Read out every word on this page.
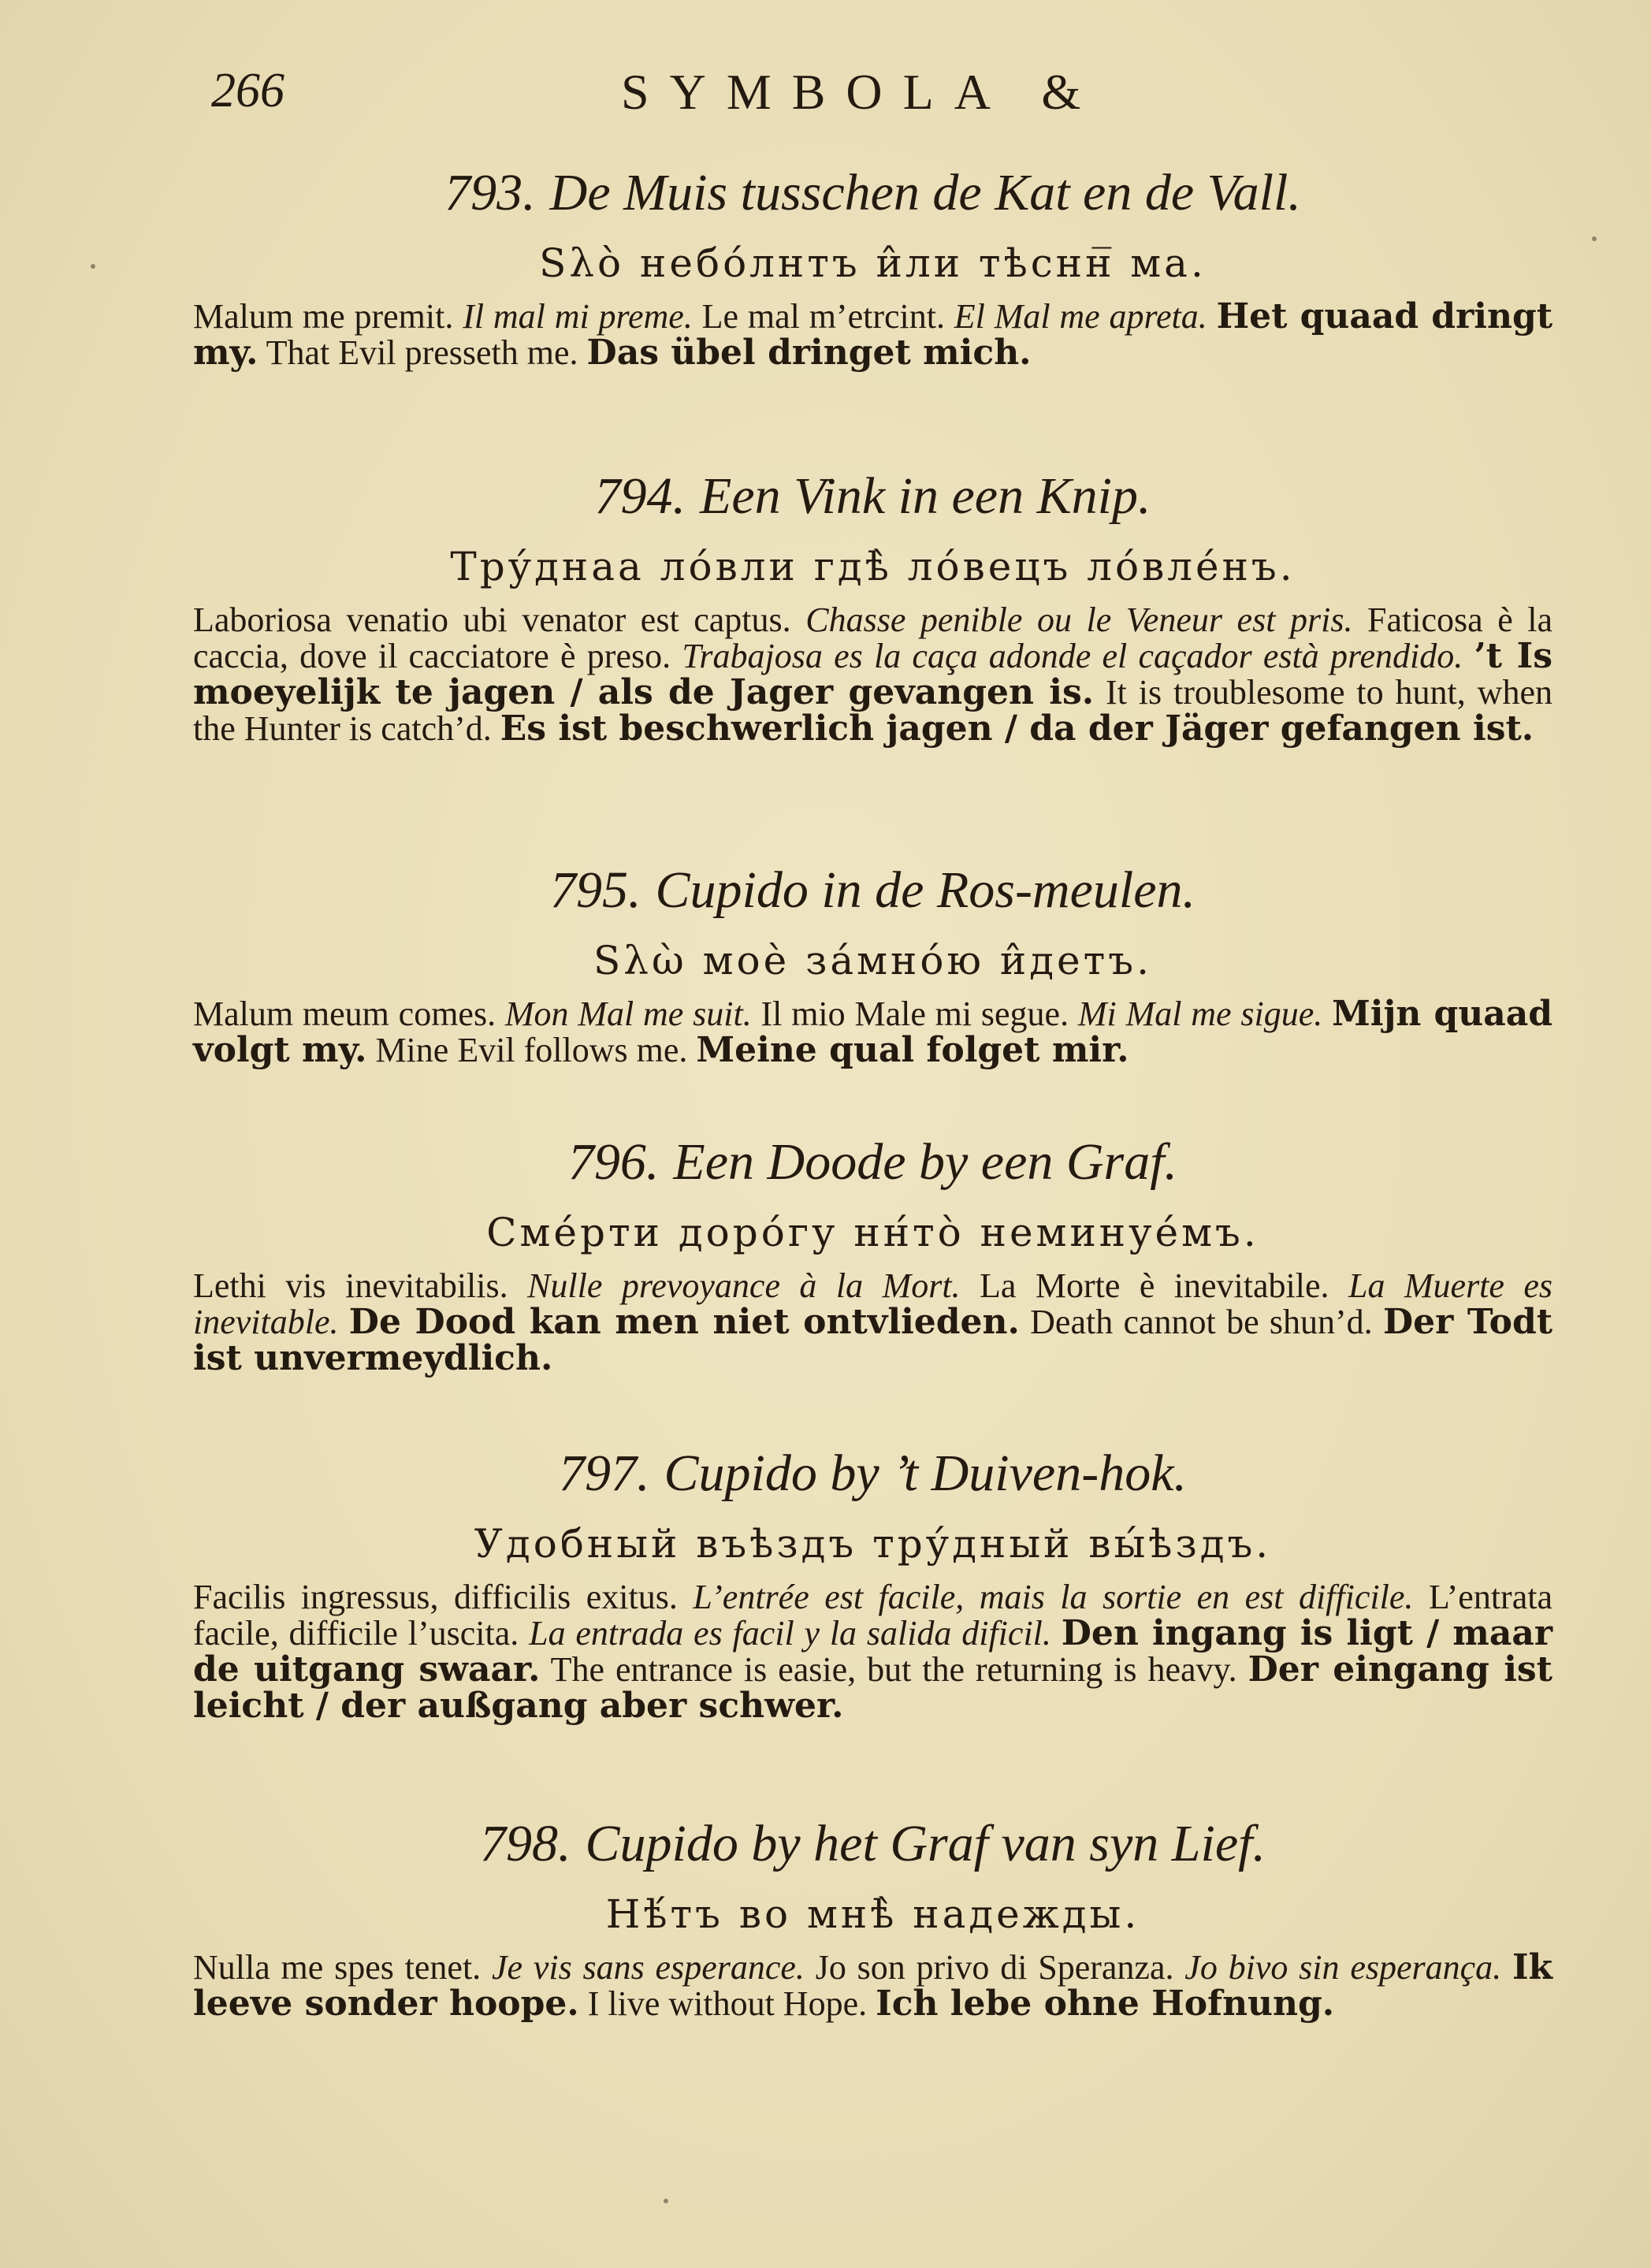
266	SYMBOLA &

793. De Muis tusschen de Kat en de Vall.

Sλὸ небо́лнтъ и̂ли тѣснн̅ ма.

Malum me premit. Il mal mi preme. Le mal m’etrcint. El Mal me apreta. Het quaad dringt my. That Evil presseth me. Das übel dringet mich.

794. Een Vink in een Knip.

Тру́днаа ло́вли гдѣ̀ ло́вецъ ло́вле́нъ.

Laboriosa venatio ubi venator est captus. Chasse penible ou le Veneur est pris. Faticosa è la caccia, dove il cacciatore è preso. Trabajosa es la caça adonde el caçador està prendido. ’t Is moeyelijk te jagen / als de Jager gevangen is. It is troublesome to hunt, when the Hunter is catch’d. Es ist beschwerlich jagen / da der Jäger gefangen ist.

795. Cupido in de Ros-meulen.

Sλὼ моѐ за́мно́ю и̂детъ.

Malum meum comes. Mon Mal me suit. Il mio Male mi segue. Mi Mal me sigue. Mijn quaad volgt my. Mine Evil follows me. Meine qual folget mir.

796. Een Doode by een Graf.

Сме́рти доро́гу нн́то̀ неминуе́мъ.

Lethi vis inevitabilis. Nulle prevoyance à la Mort. La Morte è inevitabile. La Muerte es inevitable. De Dood kan men niet ontvlieden. Death cannot be shun’d. Der Todt ist unvermeydlich.

797. Cupido by ’t Duiven-hok.

Удобный въѣздъ тру́дный вы́ѣздъ.

Facilis ingressus, difficilis exitus. L’entrée est facile, mais la sortie en est difficile. L’entrata facile, difficile l’uscita. La entrada es facil y la salida dificil. Den ingang is ligt / maar de uitgang swaar. The entrance is easie, but the returning is heavy. Der eingang ist leicht / der außgang aber schwer.

798. Cupido by het Graf van syn Lief.

Нѣ́тъ во мнѣ̀ надежды.

Nulla me spes tenet. Je vis sans esperance. Jo son privo di Speranza. Jo bivo sin esperança. Ik leeve sonder hoope. I live without Hope. Ich lebe ohne Hofnung.
